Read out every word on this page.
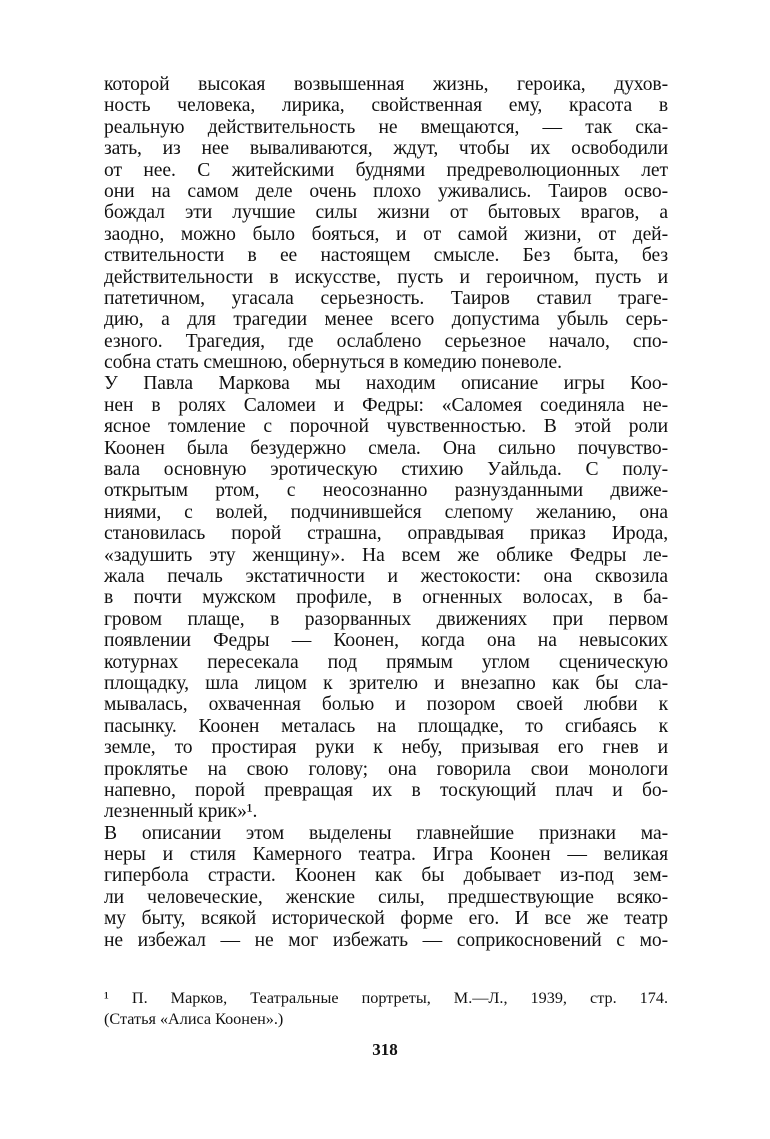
которой высокая возвышенная жизнь, героика, духов-
ность человека, лирика, свойственная ему, красота в
реальную действительность не вмещаются, — так ска-
зать, из нее вываливаются, ждут, чтобы их освободили
от нее. С житейскими буднями предреволюционных лет
они на самом деле очень плохо уживались. Таиров осво-
бождал эти лучшие силы жизни от бытовых врагов, а
заодно, можно было бояться, и от самой жизни, от дей-
ствительности в ее настоящем смысле. Без быта, без
действительности в искусстве, пусть и героичном, пусть и
патетичном, угасала серьезность. Таиров ставил траге-
дию, а для трагедии менее всего допустима убыль серь-
езного. Трагедия, где ослаблено серьезное начало, спо-
собна стать смешною, обернуться в комедию поневоле.
У Павла Маркова мы находим описание игры Коо-
нен в ролях Саломеи и Федры: «Саломея соединяла не-
ясное томление с порочной чувственностью. В этой роли
Коонен была безудержно смела. Она сильно почувство-
вала основную эротическую стихию Уайльда. С полу-
открытым ртом, с неосознанно разнузданными движе-
ниями, с волей, подчинившейся слепому желанию, она
становилась порой страшна, оправдывая приказ Ирода,
«задушить эту женщину». На всем же облике Федры ле-
жала печаль экстатичности и жестокости: она сквозила
в почти мужском профиле, в огненных волосах, в ба-
гровом плаще, в разорванных движениях при первом
появлении Федры — Коонен, когда она на невысоких
котурнах пересекала под прямым углом сценическую
площадку, шла лицом к зрителю и внезапно как бы сла-
мывалась, охваченная болью и позором своей любви к
пасынку. Коонен металась на площадке, то сгибаясь к
земле, то простирая руки к небу, призывая его гнев и
проклятье на свою голову; она говорила свои монологи
напевно, порой превращая их в тоскующий плач и бо-
лезненный крик»¹.
В описании этом выделены главнейшие признаки ма-
неры и стиля Камерного театра. Игра Коонен — великая
гипербола страсти. Коонен как бы добывает из-под зем-
ли человеческие, женские силы, предшествующие всяко-
му быту, всякой исторической форме его. И все же театр
не избежал — не мог избежать — соприкосновений с мо-
¹ П. Марков, Театральные портреты, М.—Л., 1939, стр. 174.
(Статья «Алиса Коонен».)
318
